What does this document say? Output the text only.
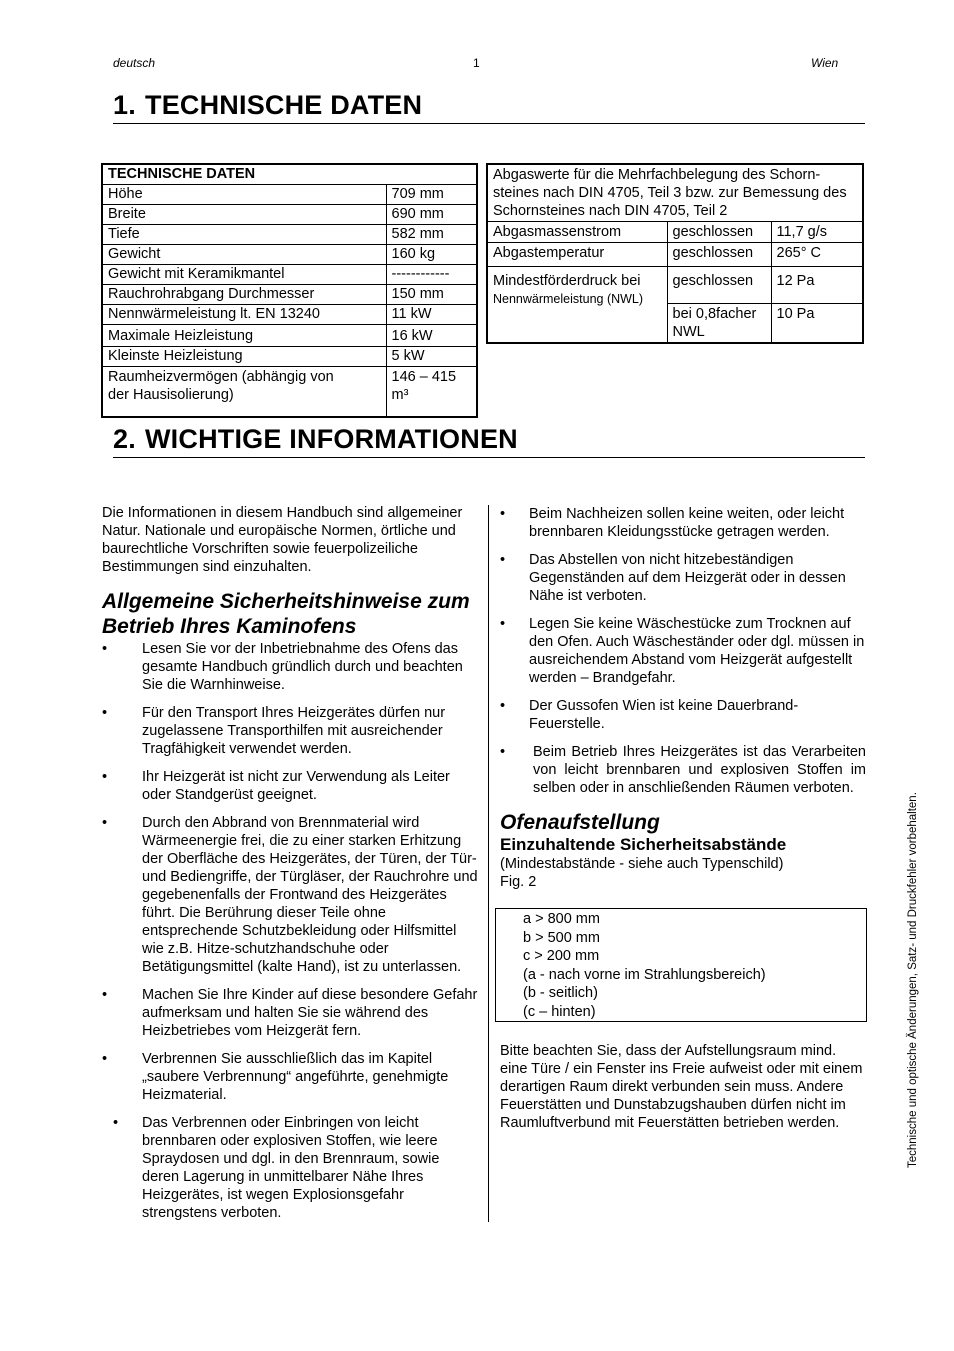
deutsch	1	Wien
1. TECHNISCHE DATEN
TECHNISCHE DATEN	
Höhe	709 mm
Breite	690 mm
Tiefe	582 mm
Gewicht	160 kg
Gewicht mit Keramikmantel	------------
Rauchrohrabgang Durchmesser	150 mm
Nennwärmeleistung lt. EN 13240	11 kW
Maximale Heizleistung	16 kW
Kleinste Heizleistung	5 kW
Raumheizvermögen (abhängig von der Hausisolierung)	146 – 415 m³
Abgaswerte für die Mehrfachbelegung des Schorn-steines nach DIN 4705, Teil 3 bzw. zur Bemessung des Schornsteines nach DIN 4705, Teil 2		
Abgasmassenstrom	geschlossen	11,7 g/s
Abgastemperatur	geschlossen	265° C

Mindestförderdruck bei
Nennwärmeleistung (NWL)	geschlossen	12 Pa
	bei 0,8facher NWL	10 Pa
2. WICHTIGE INFORMATIONEN

Die Informationen in diesem Handbuch sind allgemeiner Natur. Nationale und europäische Normen, örtliche und baurechtliche Vorschriften sowie feuerpolizeiliche Bestimmungen sind einzuhalten.

Allgemeine Sicherheitshinweise zum Betrieb Ihres Kaminofens
•	Lesen Sie vor der Inbetriebnahme des Ofens das gesamte Handbuch gründlich durch und beachten Sie die Warnhinweise.
•	Für den Transport Ihres Heizgerätes dürfen nur zugelassene Transporthilfen mit ausreichender Tragfähigkeit verwendet werden.
•	Ihr Heizgerät ist nicht zur Verwendung als Leiter oder Standgerüst geeignet.
•	Durch den Abbrand von Brennmaterial wird Wärmeenergie frei, die zu einer starken Erhitzung der Oberfläche des Heizgerätes, der Türen, der Tür- und Bediengriffe, der Türgläser, der Rauchrohre und gegebenenfalls der Frontwand des Heizgerätes führt. Die Berührung dieser Teile ohne entsprechende Schutzbekleidung oder Hilfsmittel wie z.B. Hitze-schutzhandschuhe oder Betätigungsmittel (kalte Hand), ist zu unterlassen.
•	Machen Sie Ihre Kinder auf diese besondere Gefahr aufmerksam und halten Sie sie während des Heizbetriebes vom Heizgerät fern.
•	Verbrennen Sie ausschließlich das im Kapitel „saubere Verbrennung“ angeführte, genehmigte Heizmaterial.
•	Das Verbrennen oder Einbringen von leicht brennbaren oder explosiven Stoffen, wie leere Spraydosen und dgl. in den Brennraum, sowie deren Lagerung in unmittelbarer Nähe Ihres Heizgerätes, ist wegen Explosionsgefahr strengstens verboten.
•	Beim Nachheizen sollen keine weiten, oder leicht brennbaren Kleidungsstücke getragen werden.
•	Das Abstellen von nicht hitzebeständigen Gegenständen auf dem Heizgerät oder in dessen Nähe ist verboten.
•	Legen Sie keine Wäschestücke zum Trocknen auf den Ofen. Auch Wäscheständer oder dgl. müssen in ausreichendem Abstand vom Heizgerät aufgestellt werden – Brandgefahr.
•	Der Gussofen Wien ist keine Dauerbrand-Feuerstelle.
•	Beim Betrieb Ihres Heizgerätes ist das Verarbeiten von leicht brennbaren und explosiven Stoffen im selben oder in anschließenden Räumen verboten.
Ofenaufstellung
Einzuhaltende Sicherheitsabstände

(Mindestabstände - siehe auch Typenschild)

Fig. 2

a > 800 mm
b > 500 mm
c > 200 mm
(a - nach vorne im Strahlungsbereich)
(b - seitlich)
(c – hinten)

Bitte beachten Sie, dass der Aufstellungsraum mind. eine Türe / ein Fenster ins Freie aufweist oder mit einem derartigen Raum direkt verbunden sein muss. Andere Feuerstätten und Dunstabzugshauben dürfen nicht im Raumluftverbund mit Feuerstätten betrieben werden.	Technische und optische Änderungen, Satz- und Druckfehler vorbehalten.
